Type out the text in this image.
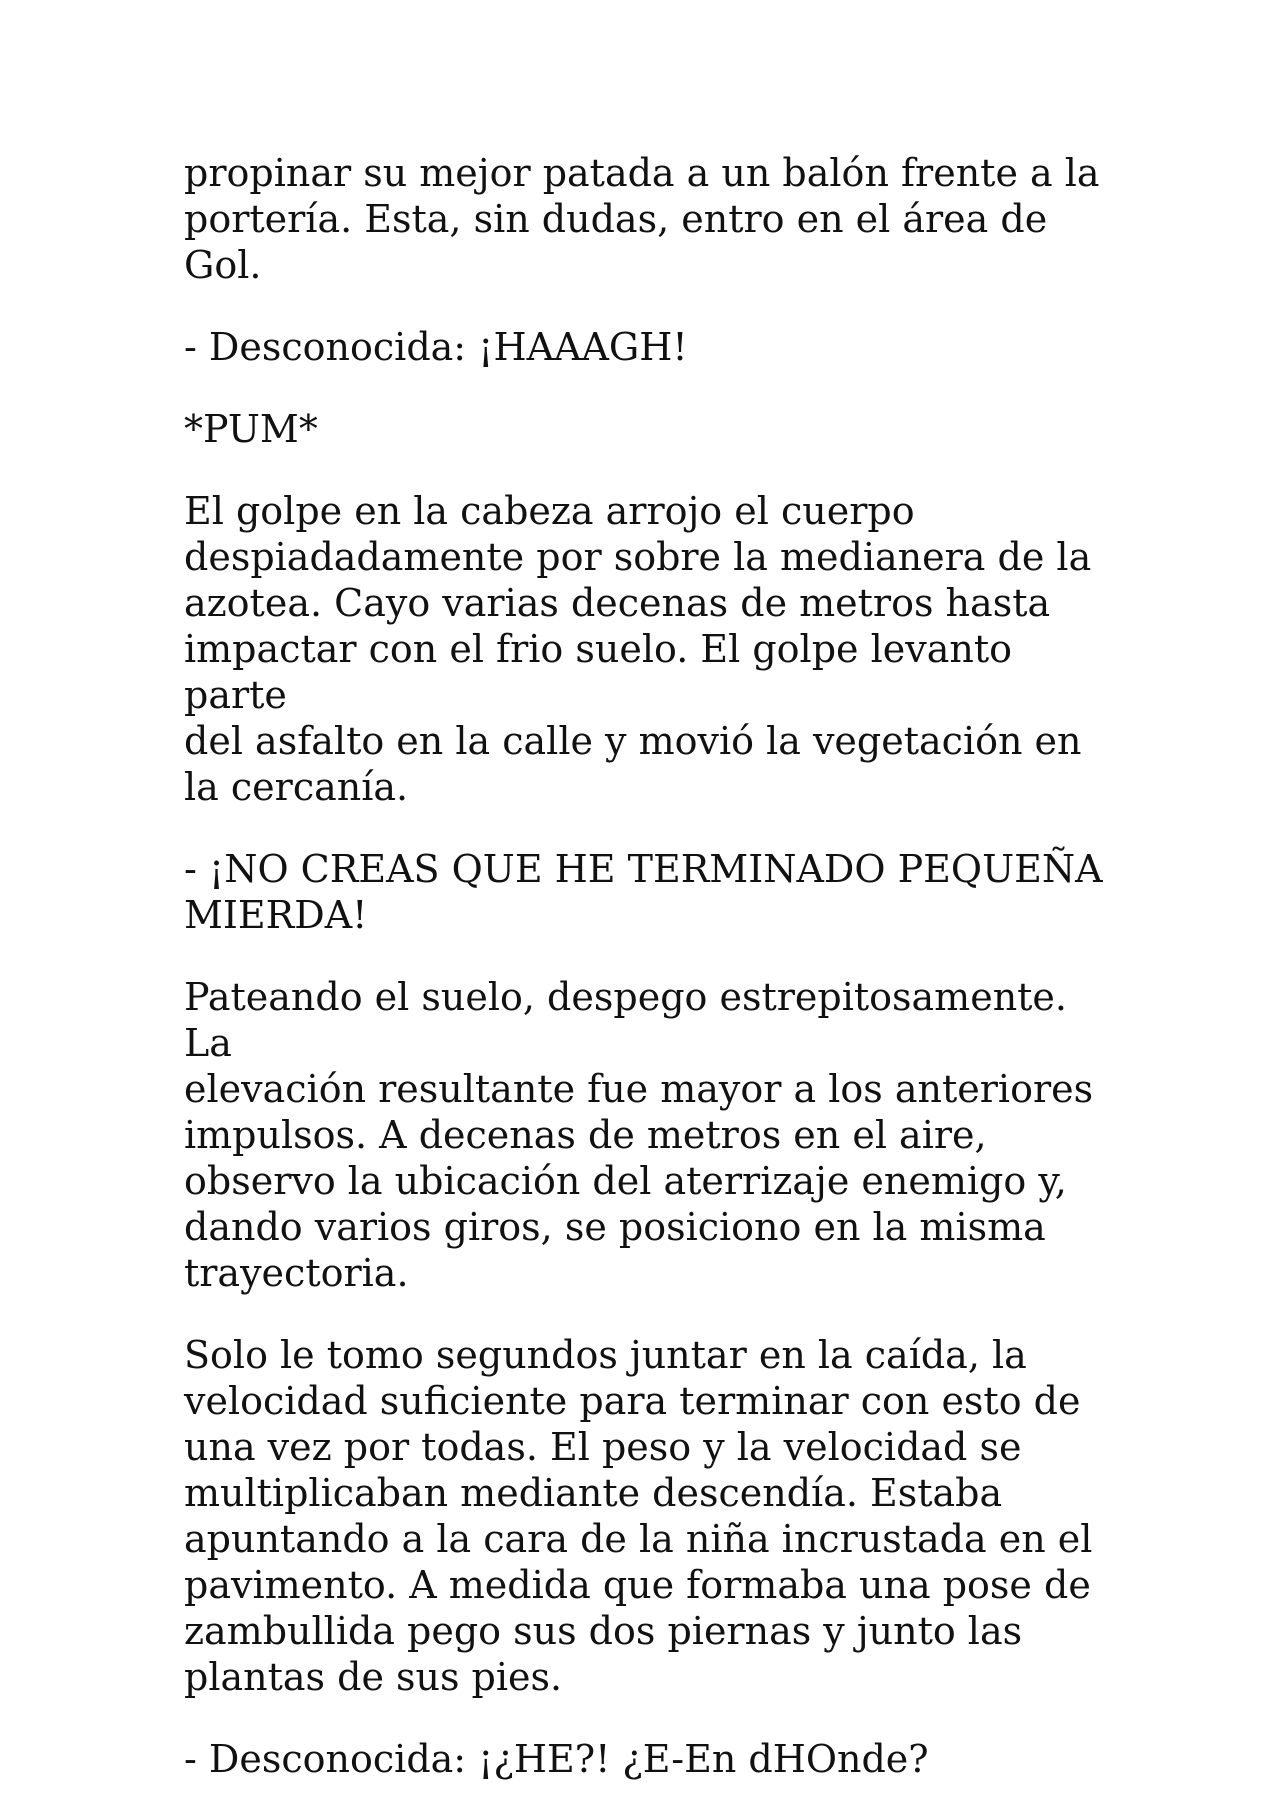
propinar su mejor patada a un balón frente a la
portería. Esta, sin dudas, entro en el área de Gol.

- Desconocida: ¡HAAAGH!

*PUM*

El golpe en la cabeza arrojo el cuerpo
despiadadamente por sobre la medianera de la
azotea. Cayo varias decenas de metros hasta
impactar con el frio suelo. El golpe levanto parte
del asfalto en la calle y movió la vegetación en
la cercanía.

- ¡NO CREAS QUE HE TERMINADO PEQUEÑA
MIERDA!

Pateando el suelo, despego estrepitosamente. La
elevación resultante fue mayor a los anteriores
impulsos. A decenas de metros en el aire,
observo la ubicación del aterrizaje enemigo y,
dando varios giros, se posiciono en la misma
trayectoria.

Solo le tomo segundos juntar en la caída, la
velocidad suficiente para terminar con esto de
una vez por todas. El peso y la velocidad se
multiplicaban mediante descendía. Estaba
apuntando a la cara de la niña incrustada en el
pavimento. A medida que formaba una pose de
zambullida pego sus dos piernas y junto las
plantas de sus pies.

- Desconocida: ¡¿HE?! ¿E-En dHOnde?
